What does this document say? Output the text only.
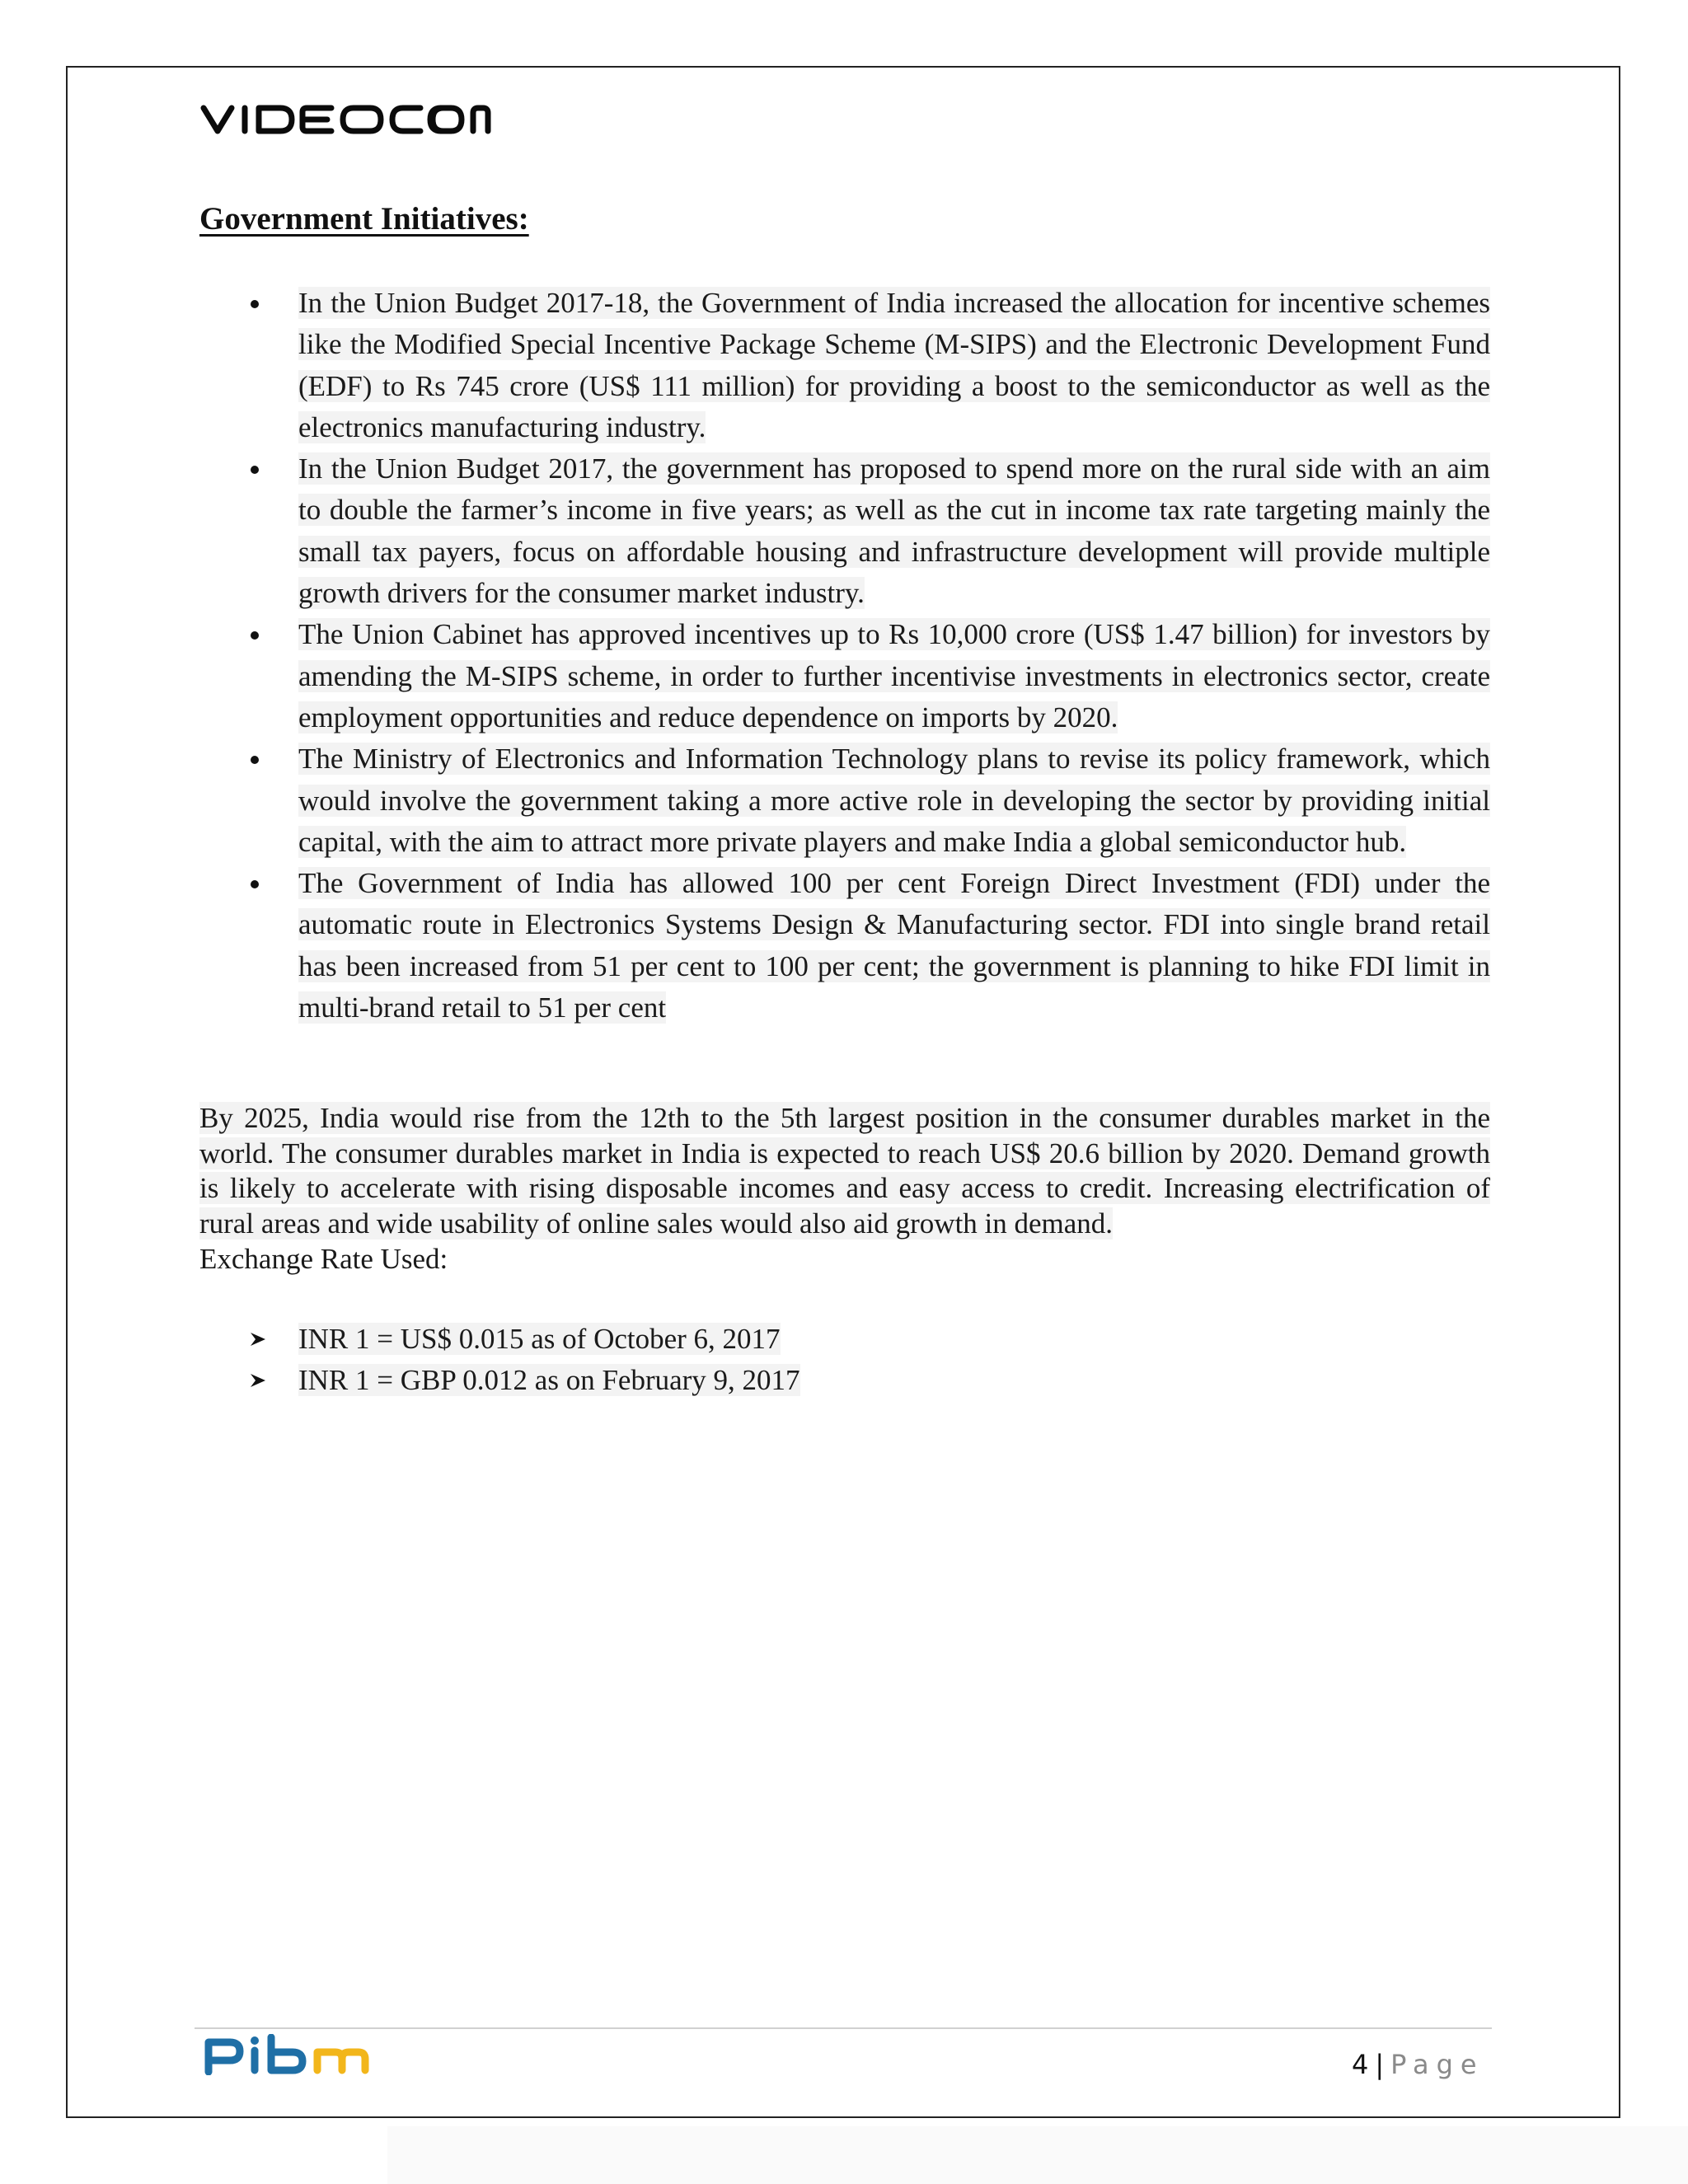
VIDEOCON
Government Initiatives:
In the Union Budget 2017-18, the Government of India increased the allocation for incentive schemes like the Modified Special Incentive Package Scheme (M-SIPS) and the Electronic Development Fund (EDF) to Rs 745 crore (US$ 111 million) for providing a boost to the semiconductor as well as the electronics manufacturing industry.
In the Union Budget 2017, the government has proposed to spend more on the rural side with an aim to double the farmer’s income in five years; as well as the cut in income tax rate targeting mainly the small tax payers, focus on affordable housing and infrastructure development will provide multiple growth drivers for the consumer market industry.
The Union Cabinet has approved incentives up to Rs 10,000 crore (US$ 1.47 billion) for investors by amending the M-SIPS scheme, in order to further incentivise investments in electronics sector, create employment opportunities and reduce dependence on imports by 2020.
The Ministry of Electronics and Information Technology plans to revise its policy framework, which would involve the government taking a more active role in developing the sector by providing initial capital, with the aim to attract more private players and make India a global semiconductor hub.
The Government of India has allowed 100 per cent Foreign Direct Investment (FDI) under the automatic route in Electronics Systems Design & Manufacturing sector. FDI into single brand retail has been increased from 51 per cent to 100 per cent; the government is planning to hike FDI limit in multi-brand retail to 51 per cent

By 2025, India would rise from the 12th to the 5th largest position in the consumer durables market in the world. The consumer durables market in India is expected to reach US$ 20.6 billion by 2020. Demand growth is likely to accelerate with rising disposable incomes and easy access to credit. Increasing electrification of rural areas and wide usability of online sales would also aid growth in demand.

Exchange Rate Used:

INR 1 = US$ 0.015 as of October 6, 2017
INR 1 = GBP 0.012 as on February 9, 2017
4 | Page
